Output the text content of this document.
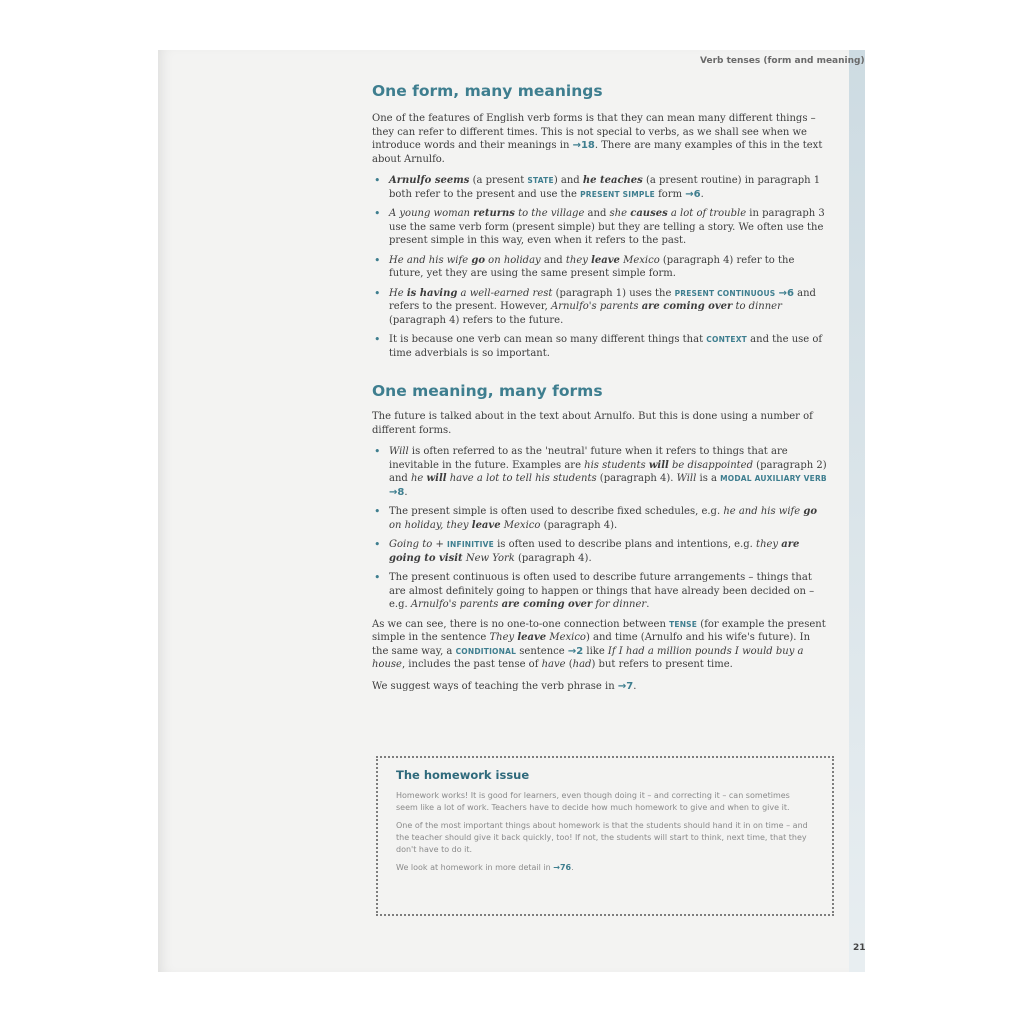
Verb tenses (form and meaning)
One form, many meanings

One of the features of English verb forms is that they can mean many different things – they can refer to different times. This is not special to verbs, as we shall see when we introduce words and their meanings in →18. There are many examples of this in the text about Arnulfo.

• Arnulfo seems (a present STATE) and he teaches (a present routine) in paragraph 1 both refer to the present and use the PRESENT SIMPLE form →6.
• A young woman returns to the village and she causes a lot of trouble in paragraph 3 use the same verb form (present simple) but they are telling a story. We often use the present simple in this way, even when it refers to the past.
• He and his wife go on holiday and they leave Mexico (paragraph 4) refer to the future, yet they are using the same present simple form.
• He is having a well-earned rest (paragraph 1) uses the PRESENT CONTINUOUS →6 and refers to the present. However, Arnulfo's parents are coming over to dinner (paragraph 4) refers to the future.
• It is because one verb can mean so many different things that CONTEXT and the use of time adverbials is so important.
One meaning, many forms

The future is talked about in the text about Arnulfo. But this is done using a number of different forms.

• Will is often referred to as the 'neutral' future when it refers to things that are inevitable in the future. Examples are his students will be disappointed (paragraph 2) and he will have a lot to tell his students (paragraph 4). Will is a MODAL AUXILIARY VERB →8.
• The present simple is often used to describe fixed schedules, e.g. he and his wife go on holiday, they leave Mexico (paragraph 4).
• Going to + INFINITIVE is often used to describe plans and intentions, e.g. they are going to visit New York (paragraph 4).
• The present continuous is often used to describe future arrangements – things that are almost definitely going to happen or things that have already been decided on – e.g. Arnulfo's parents are coming over for dinner.

As we can see, there is no one-to-one connection between TENSE (for example the present simple in the sentence They leave Mexico) and time (Arnulfo and his wife's future). In the same way, a CONDITIONAL sentence →2 like If I had a million pounds I would buy a house, includes the past tense of have (had) but refers to present time.

We suggest ways of teaching the verb phrase in →7.

The homework issue

Homework works! It is good for learners, even though doing it – and correcting it – can sometimes seem like a lot of work. Teachers have to decide how much homework to give and when to give it.

One of the most important things about homework is that the students should hand it in on time – and the teacher should give it back quickly, too! If not, the students will start to think, next time, that they don't have to do it.

We look at homework in more detail in →76.

21
